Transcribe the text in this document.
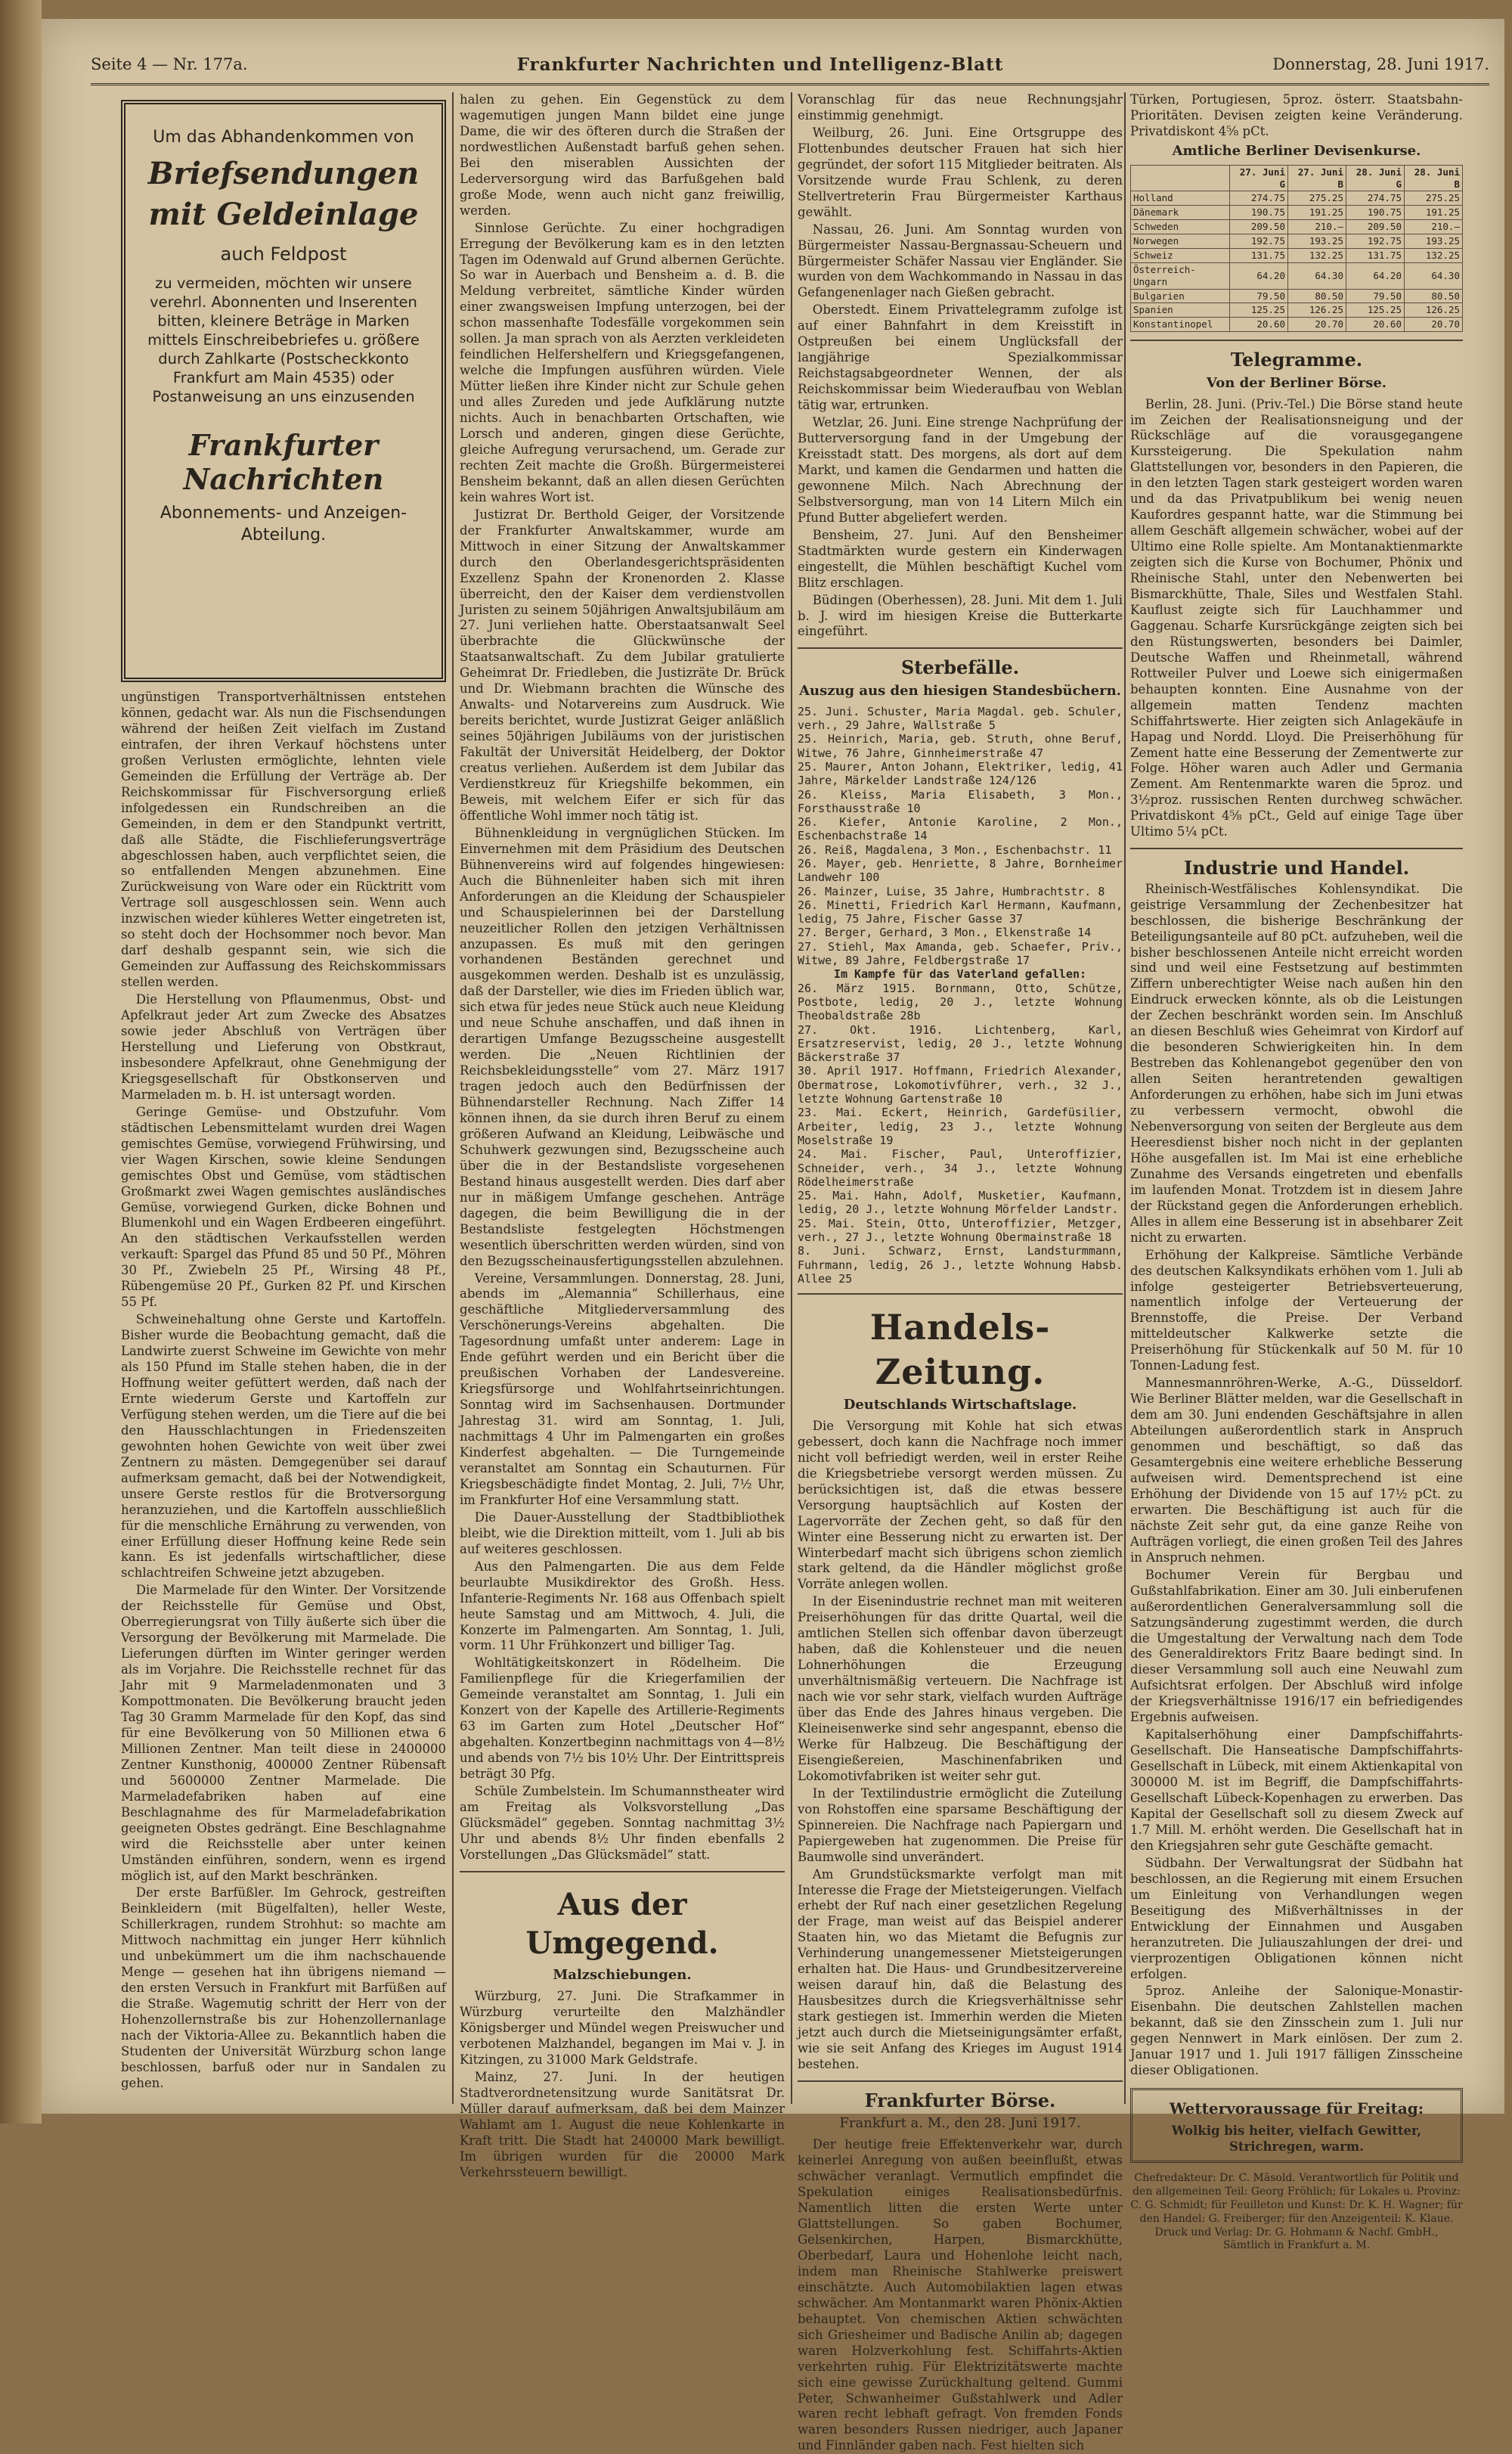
Seite 4 — Nr. 177a.	Frankfurter Nachrichten und Intelligenz-Blatt	Donnerstag, 28. Juni 1917.
Um das Abhandenkommen von
Briefsendungen
mit Geldeinlage
auch Feldpost
zu vermeiden, möchten wir unsere verehrl. Abonnenten und Inserenten bitten, kleinere Beträge in Marken mittels Einschreibebriefes u. größere durch Zahlkarte (Postscheckkonto Frankfurt am Main 4535) oder Postanweisung an uns einzusenden
Frankfurter
Nachrichten
Abonnements- und Anzeigen-Abteilung.

ungünstigen Transportverhältnissen entstehen können, gedacht war. Als nun die Fischsendungen während der heißen Zeit vielfach im Zustand eintrafen, der ihren Verkauf höchstens unter großen Verlusten ermöglichte, lehnten viele Gemeinden die Erfüllung der Verträge ab. Der Reichskommissar für Fischversorgung erließ infolgedessen ein Rundschreiben an die Gemeinden, in dem er den Standpunkt vertritt, daß alle Städte, die Fischlieferungsverträge abgeschlossen haben, auch verpflichtet seien, die so entfallenden Mengen abzunehmen. Eine Zurückweisung von Ware oder ein Rücktritt vom Vertrage soll ausgeschlossen sein. Wenn auch inzwischen wieder kühleres Wetter eingetreten ist, so steht doch der Hochsommer noch bevor. Man darf deshalb gespannt sein, wie sich die Gemeinden zur Auffassung des Reichskommissars stellen werden.

Die Herstellung von Pflaumenmus, Obst- und Apfelkraut jeder Art zum Zwecke des Absatzes sowie jeder Abschluß von Verträgen über Herstellung und Lieferung von Obstkraut, insbesondere Apfelkraut, ohne Genehmigung der Kriegsgesellschaft für Obstkonserven und Marmeladen m. b. H. ist untersagt worden.

Geringe Gemüse- und Obstzufuhr. Vom städtischen Lebensmittelamt wurden drei Wagen gemischtes Gemüse, vorwiegend Frühwirsing, und vier Wagen Kirschen, sowie kleine Sendungen gemischtes Obst und Gemüse, vom städtischen Großmarkt zwei Wagen gemischtes ausländisches Gemüse, vorwiegend Gurken, dicke Bohnen und Blumenkohl und ein Wagen Erdbeeren eingeführt. An den städtischen Verkaufsstellen werden verkauft: Spargel das Pfund 85 und 50 Pf., Möhren 30 Pf., Zwiebeln 25 Pf., Wirsing 48 Pf., Rübengemüse 20 Pf., Gurken 82 Pf. und Kirschen 55 Pf.

Schweinehaltung ohne Gerste und Kartoffeln. Bisher wurde die Beobachtung gemacht, daß die Landwirte zuerst Schweine im Gewichte von mehr als 150 Pfund im Stalle stehen haben, die in der Hoffnung weiter gefüttert werden, daß nach der Ernte wiederum Gerste und Kartoffeln zur Verfügung stehen werden, um die Tiere auf die bei den Hausschlachtungen in Friedenszeiten gewohnten hohen Gewichte von weit über zwei Zentnern zu mästen. Demgegenüber sei darauf aufmerksam gemacht, daß bei der Notwendigkeit, unsere Gerste restlos für die Brotversorgung heranzuziehen, und die Kartoffeln ausschließlich für die menschliche Ernährung zu verwenden, von einer Erfüllung dieser Hoffnung keine Rede sein kann. Es ist jedenfalls wirtschaftlicher, diese schlachtreifen Schweine jetzt abzugeben.

Die Marmelade für den Winter. Der Vorsitzende der Reichsstelle für Gemüse und Obst, Oberregierungsrat von Tilly äußerte sich über die Versorgung der Bevölkerung mit Marmelade. Die Lieferungen dürften im Winter geringer werden als im Vorjahre. Die Reichsstelle rechnet für das Jahr mit 9 Marmeladenmonaten und 3 Kompottmonaten. Die Bevölkerung braucht jeden Tag 30 Gramm Marmelade für den Kopf, das sind für eine Bevölkerung von 50 Millionen etwa 6 Millionen Zentner. Man teilt diese in 2400000 Zentner Kunsthonig, 400000 Zentner Rübensaft und 5600000 Zentner Marmelade. Die Marmeladefabriken haben auf eine Beschlagnahme des für Marmeladefabrikation geeigneten Obstes gedrängt. Eine Beschlagnahme wird die Reichsstelle aber unter keinen Umständen einführen, sondern, wenn es irgend möglich ist, auf den Markt beschränken.

Der erste Barfüßler. Im Gehrock, gestreiften Beinkleidern (mit Bügelfalten), heller Weste, Schillerkragen, rundem Strohhut: so machte am Mittwoch nachmittag ein junger Herr kühnlich und unbekümmert um die ihm nachschauende Menge — gesehen hat ihn übrigens niemand — den ersten Versuch in Frankfurt mit Barfüßen auf die Straße. Wagemutig schritt der Herr von der Hohenzollernstraße bis zur Hohenzollernanlage nach der Viktoria-Allee zu. Bekanntlich haben die Studenten der Universität Würzburg schon lange beschlossen, barfuß oder nur in Sandalen zu gehen.

halen zu gehen. Ein Gegenstück zu dem wagemutigen jungen Mann bildet eine junge Dame, die wir des öfteren durch die Straßen der nordwestlichen Außenstadt barfuß gehen sehen. Bei den miserablen Aussichten der Lederversorgung wird das Barfußgehen bald große Mode, wenn auch nicht ganz freiwillig, werden.

Sinnlose Gerüchte. Zu einer hochgradigen Erregung der Bevölkerung kam es in den letzten Tagen im Odenwald auf Grund albernen Gerüchte. So war in Auerbach und Bensheim a. d. B. die Meldung verbreitet, sämtliche Kinder würden einer zwangsweisen Impfung unterzogen, bei der schon massenhafte Todesfälle vorgekommen sein sollen. Ja man sprach von als Aerzten verkleideten feindlichen Helfershelfern und Kriegsgefangenen, welche die Impfungen ausführen würden. Viele Mütter ließen ihre Kinder nicht zur Schule gehen und alles Zureden und jede Aufklärung nutzte nichts. Auch in benachbarten Ortschaften, wie Lorsch und anderen, gingen diese Gerüchte, gleiche Aufregung verursachend, um. Gerade zur rechten Zeit machte die Großh. Bürgermeisterei Bensheim bekannt, daß an allen diesen Gerüchten kein wahres Wort ist.

Justizrat Dr. Berthold Geiger, der Vorsitzende der Frankfurter Anwaltskammer, wurde am Mittwoch in einer Sitzung der Anwaltskammer durch den Oberlandesgerichtspräsidenten Exzellenz Spahn der Kronenorden 2. Klasse überreicht, den der Kaiser dem verdienstvollen Juristen zu seinem 50jährigen Anwaltsjubiläum am 27. Juni verliehen hatte. Oberstaatsanwalt Seel überbrachte die Glückwünsche der Staatsanwaltschaft. Zu dem Jubilar gratulierte Geheimrat Dr. Friedleben, die Justizräte Dr. Brück und Dr. Wiebmann brachten die Wünsche des Anwalts- und Notarvereins zum Ausdruck. Wie bereits berichtet, wurde Justizrat Geiger anläßlich seines 50jährigen Jubiläums von der juristischen Fakultät der Universität Heidelberg, der Doktor creatus verliehen. Außerdem ist dem Jubilar das Verdienstkreuz für Kriegshilfe bekommen, ein Beweis, mit welchem Eifer er sich für das öffentliche Wohl immer noch tätig ist.

Bühnenkleidung in vergnüglichen Stücken. Im Einvernehmen mit dem Präsidium des Deutschen Bühnenvereins wird auf folgendes hingewiesen: Auch die Bühnenleiter haben sich mit ihren Anforderungen an die Kleidung der Schauspieler und Schauspielerinnen bei der Darstellung neuzeitlicher Rollen den jetzigen Verhältnissen anzupassen. Es muß mit den geringen vorhandenen Beständen gerechnet und ausgekommen werden. Deshalb ist es unzulässig, daß der Darsteller, wie dies im Frieden üblich war, sich etwa für jedes neue Stück auch neue Kleidung und neue Schuhe anschaffen, und daß ihnen in derartigen Umfange Bezugsscheine ausgestellt werden. Die „Neuen Richtlinien der Reichsbekleidungsstelle“ vom 27. März 1917 tragen jedoch auch den Bedürfnissen der Bühnendarsteller Rechnung. Nach Ziffer 14 können ihnen, da sie durch ihren Beruf zu einem größeren Aufwand an Kleidung, Leibwäsche und Schuhwerk gezwungen sind, Bezugsscheine auch über die in der Bestandsliste vorgesehenen Bestand hinaus ausgestellt werden. Dies darf aber nur in mäßigem Umfange geschehen. Anträge dagegen, die beim Bewilligung die in der Bestandsliste festgelegten Höchstmengen wesentlich überschritten werden würden, sind von den Bezugsscheinausfertigungsstellen abzulehnen.

Vereine, Versammlungen. Donnerstag, 28. Juni, abends im „Alemannia“ Schillerhaus, eine geschäftliche Mitgliederversammlung des Verschönerungs-Vereins abgehalten. Die Tagesordnung umfaßt unter anderem: Lage in Ende geführt werden und ein Bericht über die preußischen Vorhaben der Landesvereine. Kriegsfürsorge und Wohlfahrtseinrichtungen. Sonntag wird im Sachsenhausen. Dortmunder Jahrestag 31. wird am Sonntag, 1. Juli, nachmittags 4 Uhr im Palmengarten ein großes Kinderfest abgehalten. — Die Turngemeinde veranstaltet am Sonntag ein Schauturnen. Für Kriegsbeschädigte findet Montag, 2. Juli, 7½ Uhr, im Frankfurter Hof eine Versammlung statt.

Die Dauer-Ausstellung der Stadtbibliothek bleibt, wie die Direktion mitteilt, vom 1. Juli ab bis auf weiteres geschlossen.

Aus den Palmengarten. Die aus dem Felde beurlaubte Musikdirektor des Großh. Hess. Infanterie-Regiments Nr. 168 aus Offenbach spielt heute Samstag und am Mittwoch, 4. Juli, die Konzerte im Palmengarten. Am Sonntag, 1. Juli, vorm. 11 Uhr Frühkonzert und billiger Tag.

Wohltätigkeitskonzert in Rödelheim. Die Familienpflege für die Kriegerfamilien der Gemeinde veranstaltet am Sonntag, 1. Juli ein Konzert von der Kapelle des Artillerie-Regiments 63 im Garten zum Hotel „Deutscher Hof“ abgehalten. Konzertbeginn nachmittags von 4—8½ und abends von 7½ bis 10½ Uhr. Der Eintrittspreis beträgt 30 Pfg.

Schüle Zumbelstein. Im Schumannstheater wird am Freitag als Volksvorstellung „Das Glücksmädel“ gegeben. Sonntag nachmittag 3½ Uhr und abends 8½ Uhr finden ebenfalls 2 Vorstellungen „Das Glücksmädel“ statt.

Aus der Umgegend.
Malzschiebungen.

Würzburg, 27. Juni. Die Strafkammer in Würzburg verurteilte den Malzhändler Königsberger und Mündel wegen Preiswucher und verbotenen Malzhandel, begangen im Mai v. J. in Kitzingen, zu 31000 Mark Geldstrafe.

Mainz, 27. Juni. In der heutigen Stadtverordnetensitzung wurde Sanitätsrat Dr. Müller darauf aufmerksam, daß bei dem Mainzer Wahlamt am 1. August die neue Kohlenkarte in Kraft tritt. Die Stadt hat 240000 Mark bewilligt. Im übrigen wurden für die 20000 Mark Verkehrssteuern bewilligt.

Voranschlag für das neue Rechnungsjahr einstimmig genehmigt.

Weilburg, 26. Juni. Eine Ortsgruppe des Flottenbundes deutscher Frauen hat sich hier gegründet, der sofort 115 Mitglieder beitraten. Als Vorsitzende wurde Frau Schlenk, zu deren Stellvertreterin Frau Bürgermeister Karthaus gewählt.

Nassau, 26. Juni. Am Sonntag wurden von Bürgermeister Nassau-Bergnassau-Scheuern und Bürgermeister Schäfer Nassau vier Engländer. Sie wurden von dem Wachkommando in Nassau in das Gefangenenlager nach Gießen gebracht.

Oberstedt. Einem Privattelegramm zufolge ist auf einer Bahnfahrt in dem Kreisstift in Ostpreußen bei einem Unglücksfall der langjährige Spezialkommissar Reichstagsabgeordneter Wennen, der als Reichskommissar beim Wiederaufbau von Weblan tätig war, ertrunken.

Wetzlar, 26. Juni. Eine strenge Nachprüfung der Butterversorgung fand in der Umgebung der Kreisstadt statt. Des morgens, als dort auf dem Markt, und kamen die Gendarmen und hatten die gewonnene Milch. Nach Abrechnung der Selbstversorgung, man von 14 Litern Milch ein Pfund Butter abgeliefert werden.

Bensheim, 27. Juni. Auf den Bensheimer Stadtmärkten wurde gestern ein Kinderwagen eingestellt, die Mühlen beschäftigt Kuchel vom Blitz erschlagen.

Büdingen (Oberhessen), 28. Juni. Mit dem 1. Juli b. J. wird im hiesigen Kreise die Butterkarte eingeführt.

Sterbefälle.
Auszug aus den hiesigen Standesbüchern.
25. Juni. Schuster, Maria Magdal. geb. Schuler, verh., 29 Jahre, Wallstraße 5
25. Heinrich, Maria, geb. Struth, ohne Beruf, Witwe, 76 Jahre, Ginnheimerstraße 47
25. Maurer, Anton Johann, Elektriker, ledig, 41 Jahre, Märkelder Landstraße 124/126
26. Kleiss, Maria Elisabeth, 3 Mon., Forsthausstraße 10
26. Kiefer, Antonie Karoline, 2 Mon., Eschenbachstraße 14
26. Reiß, Magdalena, 3 Mon., Eschenbachstr. 11
26. Mayer, geb. Henriette, 8 Jahre, Bornheimer Landwehr 100
26. Mainzer, Luise, 35 Jahre, Humbrachtstr. 8
26. Minetti, Friedrich Karl Hermann, Kaufmann, ledig, 75 Jahre, Fischer Gasse 37
27. Berger, Gerhard, 3 Mon., Elkenstraße 14
27. Stiehl, Max Amanda, geb. Schaefer, Priv., Witwe, 89 Jahre, Feldbergstraße 17
Im Kampfe für das Vaterland gefallen:
26. März 1915. Bornmann, Otto, Schütze, Postbote, ledig, 20 J., letzte Wohnung Theobaldstraße 28b
27. Okt. 1916. Lichtenberg, Karl, Ersatzreservist, ledig, 20 J., letzte Wohnung Bäckerstraße 37
30. April 1917. Hoffmann, Friedrich Alexander, Obermatrose, Lokomotivführer, verh., 32 J., letzte Wohnung Gartenstraße 10
23. Mai. Eckert, Heinrich, Gardefüsilier, Arbeiter, ledig, 23 J., letzte Wohnung Moselstraße 19
24. Mai. Fischer, Paul, Unteroffizier, Schneider, verh., 34 J., letzte Wohnung Rödelheimerstraße
25. Mai. Hahn, Adolf, Musketier, Kaufmann, ledig, 20 J., letzte Wohnung Mörfelder Landstr.
25. Mai. Stein, Otto, Unteroffizier, Metzger, verh., 27 J., letzte Wohnung Obermainstraße 18
8. Juni. Schwarz, Ernst, Landsturmmann, Fuhrmann, ledig, 26 J., letzte Wohnung Habsb. Allee 25
Handels-Zeitung.
Deutschlands Wirtschaftslage.

Die Versorgung mit Kohle hat sich etwas gebessert, doch kann die Nachfrage noch immer nicht voll befriedigt werden, weil in erster Reihe die Kriegsbetriebe versorgt werden müssen. Zu berücksichtigen ist, daß die etwas bessere Versorgung hauptsächlich auf Kosten der Lagervorräte der Zechen geht, so daß für den Winter eine Besserung nicht zu erwarten ist. Der Winterbedarf macht sich übrigens schon ziemlich stark geltend, da die Händler möglichst große Vorräte anlegen wollen.

In der Eisenindustrie rechnet man mit weiteren Preiserhöhungen für das dritte Quartal, weil die amtlichen Stellen sich offenbar davon überzeugt haben, daß die Kohlensteuer und die neuen Lohnerhöhungen die Erzeugung unverhältnismäßig verteuern. Die Nachfrage ist nach wie vor sehr stark, vielfach wurden Aufträge über das Ende des Jahres hinaus vergeben. Die Kleineisenwerke sind sehr angespannt, ebenso die Werke für Halbzeug. Die Beschäftigung der Eisengießereien, Maschinenfabriken und Lokomotivfabriken ist weiter sehr gut.

In der Textilindustrie ermöglicht die Zuteilung von Rohstoffen eine sparsame Beschäftigung der Spinnereien. Die Nachfrage nach Papiergarn und Papiergeweben hat zugenommen. Die Preise für Baumwolle sind unverändert.

Am Grundstücksmarkte verfolgt man mit Interesse die Frage der Mietsteigerungen. Vielfach erhebt der Ruf nach einer gesetzlichen Regelung der Frage, man weist auf das Beispiel anderer Staaten hin, wo das Mietamt die Befugnis zur Verhinderung unangemessener Mietsteigerungen erhalten hat. Die Haus- und Grundbesitzervereine weisen darauf hin, daß die Belastung des Hausbesitzes durch die Kriegsverhältnisse sehr stark gestiegen ist. Immerhin werden die Mieten jetzt auch durch die Mietseinigungsämter erfaßt, wie sie seit Anfang des Krieges im August 1914 bestehen.

Frankfurter Börse.
Frankfurt a. M., den 28. Juni 1917.

Der heutige freie Effektenverkehr war, durch keinerlei Anregung von außen beeinflußt, etwas schwächer veranlagt. Vermutlich empfindet die Spekulation einiges Realisationsbedürfnis. Namentlich litten die ersten Werte unter Glattstellungen. So gaben Bochumer, Gelsenkirchen, Harpen, Bismarckhütte, Oberbedarf, Laura und Hohenlohe leicht nach, indem man Rheinische Stahlwerke preiswert einschätzte. Auch Automobilaktien lagen etwas schwächer. Am Montanmarkt waren Phönix-Aktien behauptet. Von chemischen Aktien schwächten sich Griesheimer und Badische Anilin ab; dagegen waren Holzverkohlung fest. Schiffahrts-Aktien verkehrten ruhig. Für Elektrizitätswerte machte sich eine gewisse Zurückhaltung geltend. Gummi Peter, Schwanheimer Gußstahlwerk und Adler waren recht lebhaft gefragt. Von fremden Fonds waren besonders Russen niedriger, auch Japaner und Finnländer gaben nach. Fest hielten sich

Türken, Portugiesen, 5proz. österr. Staatsbahn-Prioritäten. Devisen zeigten keine Veränderung. Privatdiskont 4⅝ pCt.

Amtliche Berliner Devisenkurse.
	27. Juni G	27. Juni B	28. Juni G	28. Juni B
Holland	274.75	275.25	274.75	275.25
Dänemark	190.75	191.25	190.75	191.25
Schweden	209.50	210.—	209.50	210.—
Norwegen	192.75	193.25	192.75	193.25
Schweiz	131.75	132.25	131.75	132.25
Österreich-Ungarn	64.20	64.30	64.20	64.30
Bulgarien	79.50	80.50	79.50	80.50
Spanien	125.25	126.25	125.25	126.25
Konstantinopel	20.60	20.70	20.60	20.70
Telegramme.
Von der Berliner Börse.

Berlin, 28. Juni. (Priv.-Tel.) Die Börse stand heute im Zeichen der Realisationsneigung und der Rückschläge auf die vorausgegangene Kurssteigerung. Die Spekulation nahm Glattstellungen vor, besonders in den Papieren, die in den letzten Tagen stark gesteigert worden waren und da das Privatpublikum bei wenig neuen Kaufordres gespannt hatte, war die Stimmung bei allem Geschäft allgemein schwächer, wobei auf der Ultimo eine Rolle spielte. Am Montanaktienmarkte zeigten sich die Kurse von Bochumer, Phönix und Rheinische Stahl, unter den Nebenwerten bei Bismarckhütte, Thale, Siles und Westfalen Stahl. Kauflust zeigte sich für Lauchhammer und Gaggenau. Scharfe Kursrückgänge zeigten sich bei den Rüstungswerten, besonders bei Daimler, Deutsche Waffen und Rheinmetall, während Rottweiler Pulver und Loewe sich einigermaßen behaupten konnten. Eine Ausnahme von der allgemein matten Tendenz machten Schiffahrtswerte. Hier zeigten sich Anlagekäufe in Hapag und Nordd. Lloyd. Die Preiserhöhung für Zement hatte eine Besserung der Zementwerte zur Folge. Höher waren auch Adler und Germania Zement. Am Rentenmarkte waren die 5proz. und 3½proz. russischen Renten durchweg schwächer. Privatdiskont 4⅝ pCt., Geld auf einige Tage über Ultimo 5¼ pCt.

Industrie und Handel.

Rheinisch-Westfälisches Kohlensyndikat. Die geistrige Versammlung der Zechenbesitzer hat beschlossen, die bisherige Beschränkung der Beteiligungsanteile auf 80 pCt. aufzuheben, weil die bisher beschlossenen Anteile nicht erreicht worden sind und weil eine Festsetzung auf bestimmten Ziffern unberechtigter Weise nach außen hin den Eindruck erwecken könnte, als ob die Leistungen der Zechen beschränkt worden sein. Im Anschluß an diesen Beschluß wies Geheimrat von Kirdorf auf die besonderen Schwierigkeiten hin. In dem Bestreben das Kohlenangebot gegenüber den von allen Seiten herantretenden gewaltigen Anforderungen zu erhöhen, habe sich im Juni etwas zu verbessern vermocht, obwohl die Nebenversorgung von seiten der Bergleute aus dem Heeresdienst bisher noch nicht in der geplanten Höhe ausgefallen ist. Im Mai ist eine erhebliche Zunahme des Versands eingetreten und ebenfalls im laufenden Monat. Trotzdem ist in diesem Jahre der Rückstand gegen die Anforderungen erheblich. Alles in allem eine Besserung ist in absehbarer Zeit nicht zu erwarten.

Erhöhung der Kalkpreise. Sämtliche Verbände des deutschen Kalksyndikats erhöhen vom 1. Juli ab infolge gesteigerter Betriebsverteuerung, namentlich infolge der Verteuerung der Brennstoffe, die Preise. Der Verband mitteldeutscher Kalkwerke setzte die Preiserhöhung für Stückenkalk auf 50 M. für 10 Tonnen-Ladung fest.

Mannesmannröhren-Werke, A.-G., Düsseldorf. Wie Berliner Blätter melden, war die Gesellschaft in dem am 30. Juni endenden Geschäftsjahre in allen Abteilungen außerordentlich stark in Anspruch genommen und beschäftigt, so daß das Gesamtergebnis eine weitere erhebliche Besserung aufweisen wird. Dementsprechend ist eine Erhöhung der Dividende von 15 auf 17½ pCt. zu erwarten. Die Beschäftigung ist auch für die nächste Zeit sehr gut, da eine ganze Reihe von Aufträgen vorliegt, die einen großen Teil des Jahres in Anspruch nehmen.

Bochumer Verein für Bergbau und Gußstahlfabrikation. Einer am 30. Juli einberufenen außerordentlichen Generalversammlung soll die Satzungsänderung zugestimmt werden, die durch die Umgestaltung der Verwaltung nach dem Tode des Generaldirektors Fritz Baare bedingt sind. In dieser Versammlung soll auch eine Neuwahl zum Aufsichtsrat erfolgen. Der Abschluß wird infolge der Kriegsverhältnisse 1916/17 ein befriedigendes Ergebnis aufweisen.

Kapitalserhöhung einer Dampfschiffahrts-Gesellschaft. Die Hanseatische Dampfschiffahrts-Gesellschaft in Lübeck, mit einem Aktienkapital von 300000 M. ist im Begriff, die Dampfschiffahrts-Gesellschaft Lübeck-Kopenhagen zu erwerben. Das Kapital der Gesellschaft soll zu diesem Zweck auf 1.7 Mill. M. erhöht werden. Die Gesellschaft hat in den Kriegsjahren sehr gute Geschäfte gemacht.

Südbahn. Der Verwaltungsrat der Südbahn hat beschlossen, an die Regierung mit einem Ersuchen um Einleitung von Verhandlungen wegen Beseitigung des Mißverhältnisses in der Entwicklung der Einnahmen und Ausgaben heranzutreten. Die Juliauszahlungen der drei- und vierprozentigen Obligationen können nicht erfolgen.

5proz. Anleihe der Salonique-Monastir-Eisenbahn. Die deutschen Zahlstellen machen bekannt, daß sie den Zinsschein zum 1. Juli nur gegen Nennwert in Mark einlösen. Der zum 2. Januar 1917 und 1. Juli 1917 fälligen Zinsscheine dieser Obligationen.

Wettervoraussage für Freitag:
Wolkig bis heiter, vielfach Gewitter, Strichregen, warm.

Chefredakteur: Dr. C. Mäsold. Verantwortlich für Politik und den allgemeinen Teil: Georg Fröhlich; für Lokales u. Provinz: C. G. Schmidt; für Feuilleton und Kunst: Dr. K. H. Wagner; für den Handel: G. Freiberger; für den Anzeigenteil: K. Klaue. Druck und Verlag: Dr. G. Hohmann & Nachf. GmbH., Sämtlich in Frankfurt a. M.
